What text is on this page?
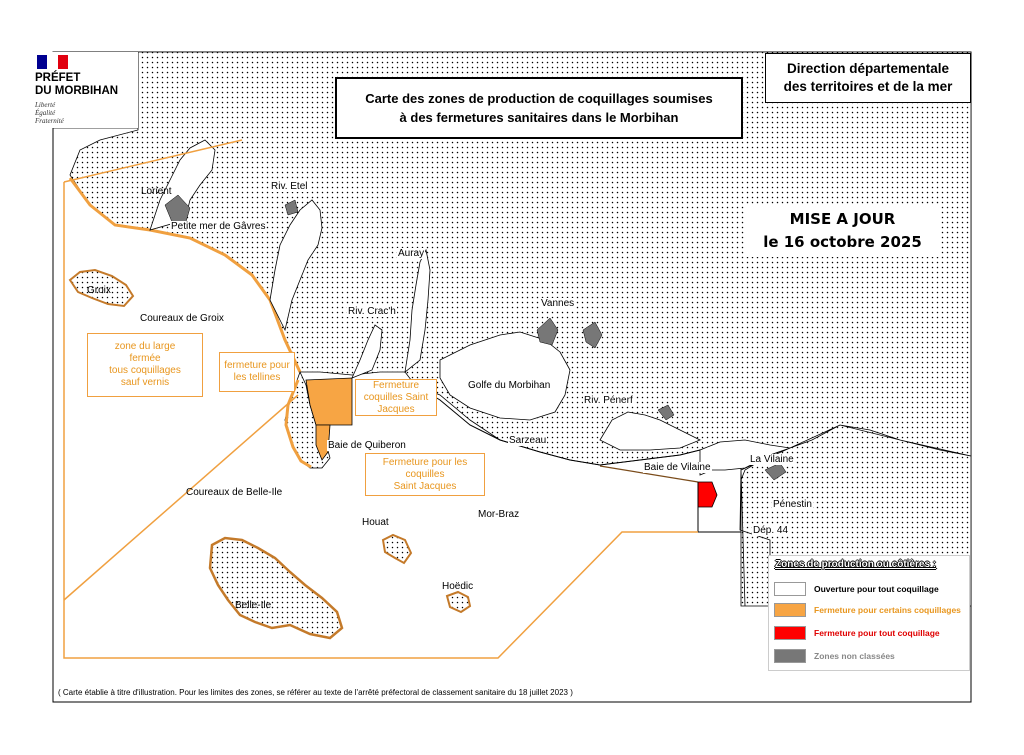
PRÉFET
DU MORBIHAN
Liberté
Égalité
Fraternité
Carte des zones de production de coquillages soumises
à des fermetures sanitaires dans le Morbihan
Direction départementale
des territoires et de la mer
MISE A JOUR
le 16 octobre 2025
Lorient
Petite mer de Gâvres
Riv. Etel
Auray
Riv. Crac'h
Vannes
Golfe du Morbihan
Riv. Pénerf
Sarzeau
Baie de Vilaine
La Vilaine
Pénestin
Dép. 44
Groix
Coureaux de Groix
Baie de Quiberon
Coureaux de Belle-Ile
Houat
Mor-Braz
Hoëdic
Belle-Ile
zone du large
fermée
tous coquillages
sauf vernis
fermeture pour
les tellines
Fermeture
coquilles Saint
Jacques
Fermeture pour les
coquilles
Saint Jacques
Zones de production ou côtières :
Ouverture pour tout coquillage
Fermeture pour certains coquillages
Fermeture pour tout coquillage
Zones non classées
( Carte établie à titre d'illustration. Pour les limites des zones, se référer au texte de l'arrêté préfectoral de classement sanitaire du 18 juillet 2023 )
